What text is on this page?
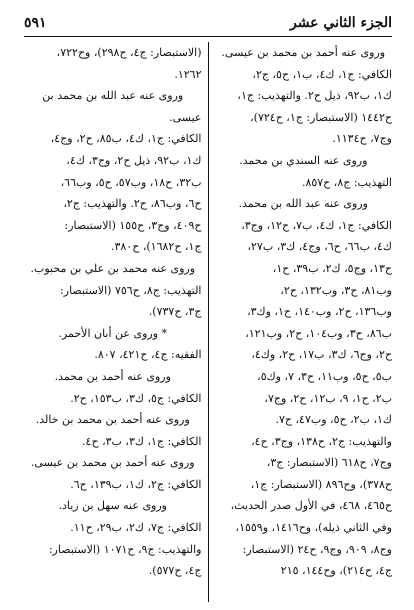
الجزء الثاني عشر
٥٩١
وروى عنه أحمد بن محمد بن عيسى.
الكافي: ج۱، ك٤، ب١، ح٥، ج٢،
ك١، ب٩٢، ذيل ح٢. والتهذيب: ج١،
ح١٤٤٢ (الاستبصار: ج١، ح٧٢٤)،
وج٧، ح١١٣٤.
وروى عنه السندي بن محمد.
التهذيب: ج٨، ح٨٥٧.
وروى عنه عبد الله بن محمد.
الكافي: ج١، ك٤، ب٧، ح١٢، وج٣،
ك٤، ب٦٦، ح٦، وج٤، ك٣، ب٢٧،
ح١٣، وج٥، ك٢، ب٣٩، ح١،
وب٨١، ح٣، وب١٣٢، ح٢،
وب١٣٦، ح٢، وب١٤٠، ح١، وك٣،
ب٨٦، ح٣، وب١٠٤، ح٢، وب١٢١،
ح٢، وج٦، ك٣، ب١٧، ح٢، وك٤،
ب٥، ح٥، وب١١، ح٣، ٧، وك٥،
ب٢، ح١، ٩، ب١٢، ح٢، وج٧،
ك١، ب٢، ح٥، وب٤٧، ح٧.
والتهذيب: ج٢، ح١٣٨، وج٣، ح٤،
وج٧، ح٦١٨ (الاستبصار: ج٣،
ح٣٧٨)، وح٨٩٦ (الاستبصار: ج١،
ح٤٦٥، ٤٦٨، في الأول صدر الحديث،
وفي الثاني ذيله)، وح١٤١٦، و١٥٥٩،
وج٨، ٩٠٩، وج٩، ح٢٤ (الاستبصار:
ج٤، ح٢١٤)، وح١٤٤، ٢١٥
(الاستبصار: ج٤، ح٢٩٨)، وح٧٢٢،
١٢٦٢.
وروى عنه عبد الله بن محمد بن
عيسى.
الكافي: ج١، ك٤، ب٨٥، ح٢، وج٤،
ك١، ب٩٢، ذيل ح٢، وج٣، ك٤،
ب٣٢، ح١٨، وب٥٧، ح٥، وب٦٦،
ح٦، وب٨٦، ح٢. والتهذيب: ج٢،
ح٤٠٩، وج٣، ح١٥٥ (الاستبصار:
ج١، ح١٦٨٢)، ح٣٨٠.
وروى عنه محمد بن علي بن محبوب.
التهذيب: ج٨، ح٧٥٦ (الاستبصار:
ج٣، ح٧٣٧).
* وروى عن أبان الأحمر.
الفقيه: ج٤، ح٤٢١، ٨٠٧.
وروى عنه أحمد بن محمد.
الكافي: ج٥، ك٣، ب١٥٣، ح٢.
وروى عنه أحمد بن محمد بن خالد.
الكافي: ج١، ك٣، ب٣، ح٤.
وروى عنه أحمد بن محمد بن عيسى.
الكافي: ج٢، ك١، ب١٣٩، ح٦.
وروى عنه سهل بن زياد.
الكافي: ج٧، ك٢، ب٢٩، ح١١.
والتهذيب: ج٩، ح١٠٧١ (الاستبصار:
ج٤، ح٥٧٧).
